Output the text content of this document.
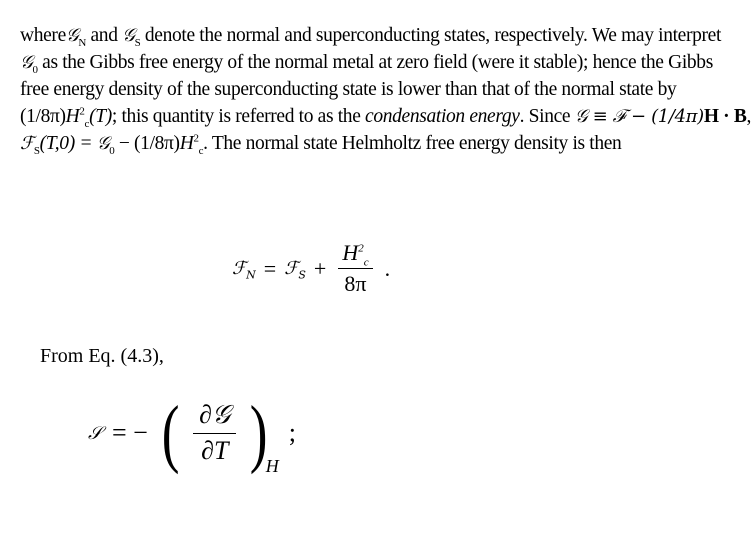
where𝒢$_N$ and 𝒢$_S$ denote the normal and superconducting states, respectively. We may interpret
𝒢$_0$ as the Gibbs free energy of the normal metal at zero field (were it stable); hence the Gibbs
free energy density of the superconducting state is lower than that of the normal state by
$(1/8\pi)H^2_c(T)$; this quantity is referred to as the condensation energy. Since 𝒢 ≡ ℱ − (1/4π)H · B,
ℱ$_S$(T,0) = 𝒢$_0$ − $(1/8\pi)H^2_c$. The normal state Helmholtz free energy density is then
ℱ$_N$ = ℱ$_S$ + $\frac{H^2_c}{8\pi}$ .
From Eq. (4.3),
𝒮 = − ( $\frac{\text{∂𝒢}}{\partial T}$ )
H
;
